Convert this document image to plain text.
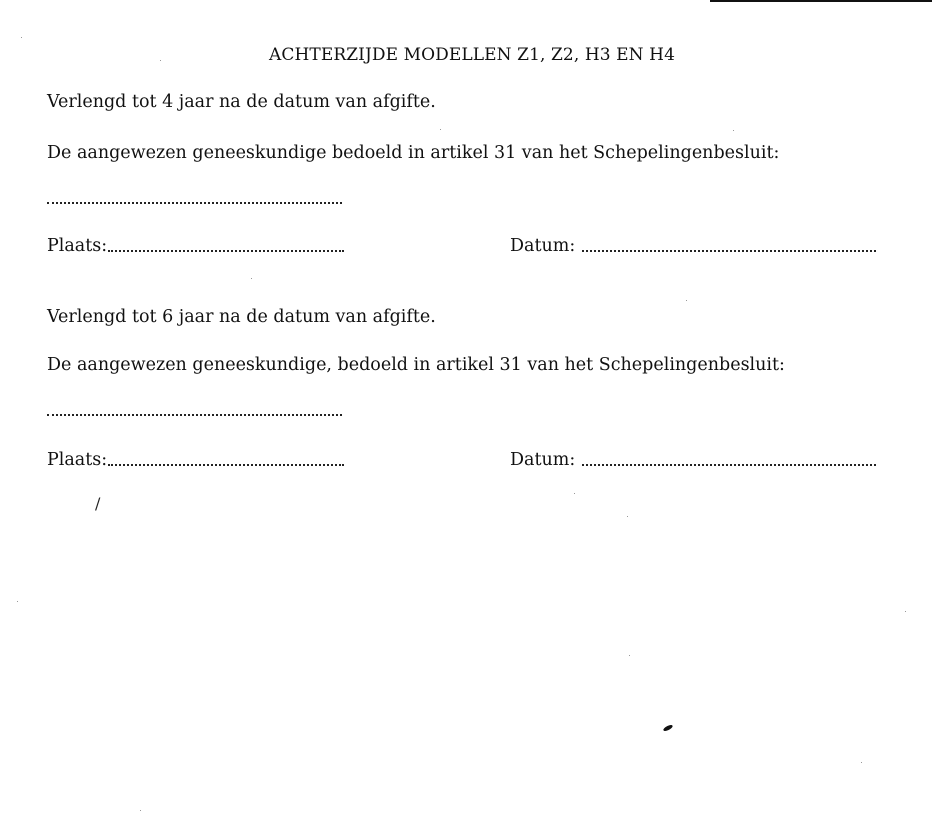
ACHTERZIJDE MODELLEN Z1, Z2, H3 EN H4
Verlengd tot 4 jaar na de datum van afgifte.
De aangewezen geneeskundige bedoeld in artikel 31 van het Schepelingenbesluit:
Plaats:	Datum:
Verlengd tot 6 jaar na de datum van afgifte.
De aangewezen geneeskundige, bedoeld in artikel 31 van het Schepelingenbesluit:
Plaats:	Datum:
/
